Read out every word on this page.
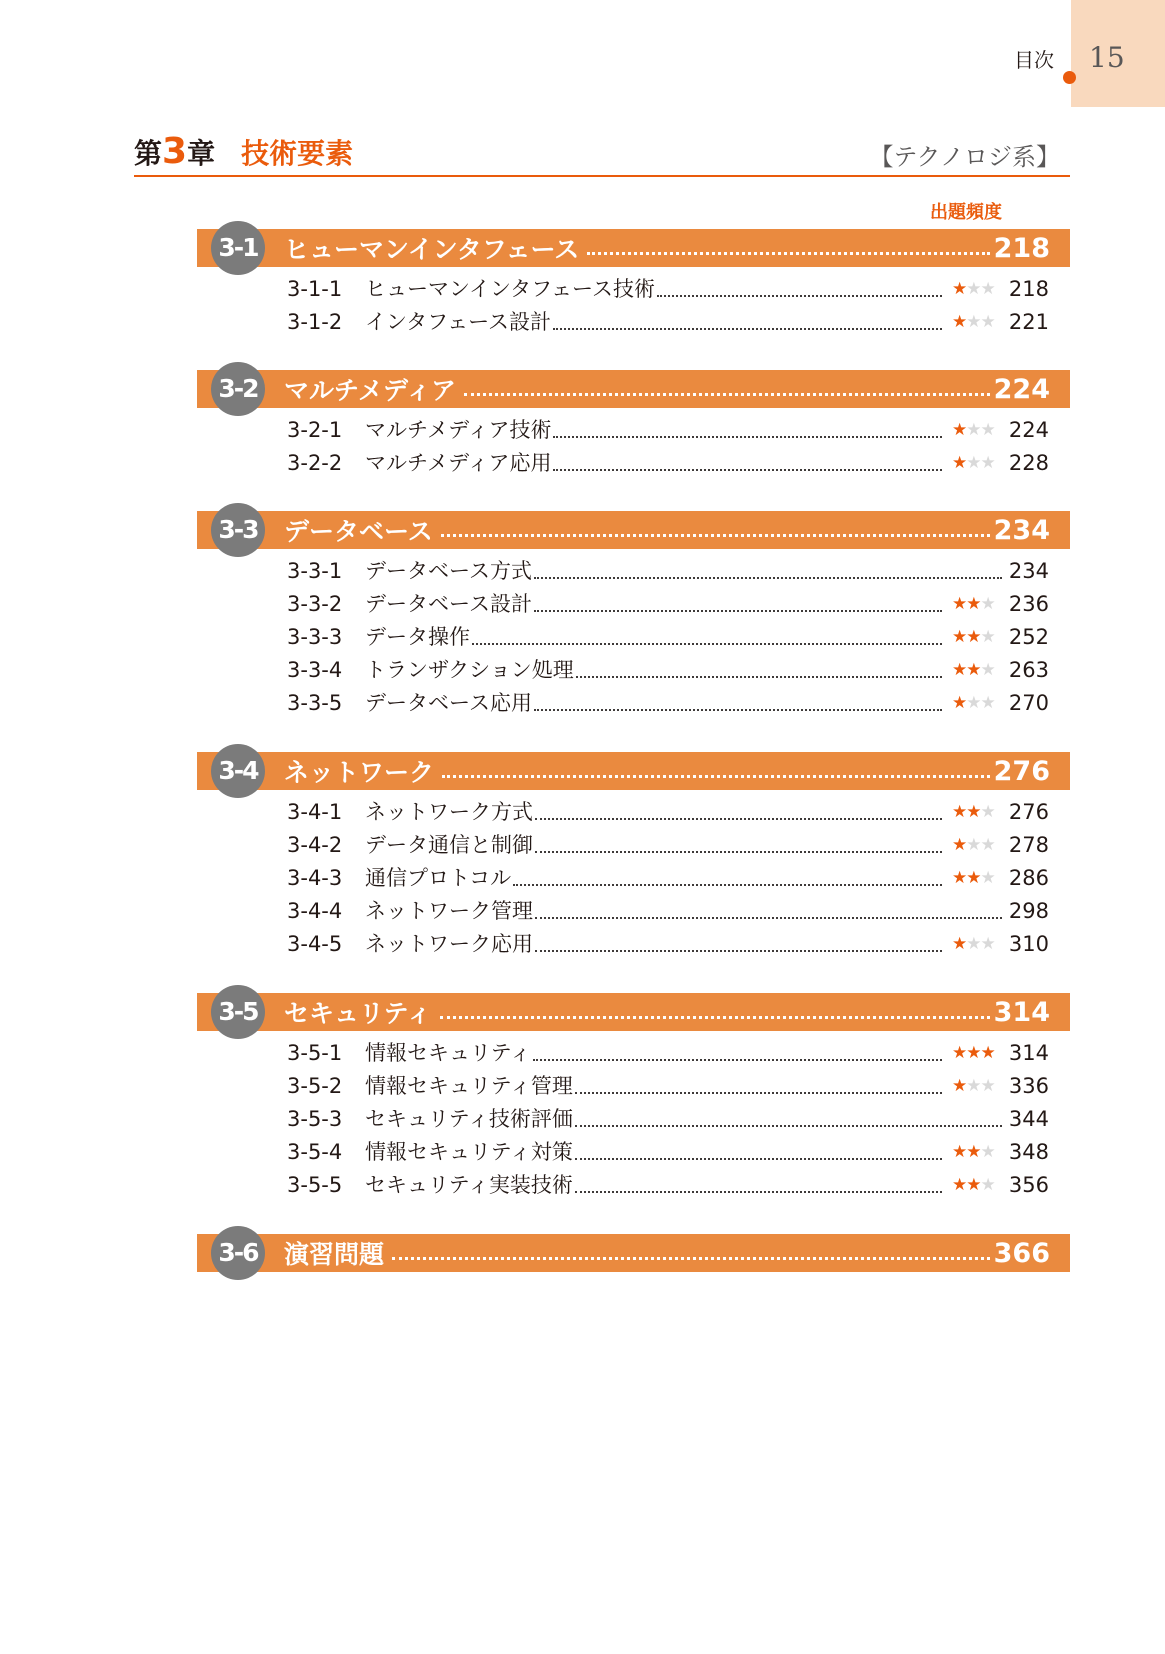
目次 15
第3章 技術要素	【テクノロジ系】
出題頻度
3-1 ヒューマンインタフェース	218
3-1-1	ヒューマンインタフェース技術	★★★ 218
3-1-2	インタフェース設計	★★★ 221
3-2 マルチメディア	224
3-2-1	マルチメディア技術	★★★ 224
3-2-2	マルチメディア応用	★★★ 228
3-3 データベース	234
3-3-1	データベース方式	234
3-3-2	データベース設計	★★★ 236
3-3-3	データ操作	★★★ 252
3-3-4	トランザクション処理	★★★ 263
3-3-5	データベース応用	★★★ 270
3-4 ネットワーク	276
3-4-1	ネットワーク方式	★★★ 276
3-4-2	データ通信と制御	★★★ 278
3-4-3	通信プロトコル	★★★ 286
3-4-4	ネットワーク管理	298
3-4-5	ネットワーク応用	★★★ 310
3-5 セキュリティ	314
3-5-1	情報セキュリティ	★★★ 314
3-5-2	情報セキュリティ管理	★★★ 336
3-5-3	セキュリティ技術評価	344
3-5-4	情報セキュリティ対策	★★★ 348
3-5-5	セキュリティ実装技術	★★★ 356
3-6 演習問題	366
